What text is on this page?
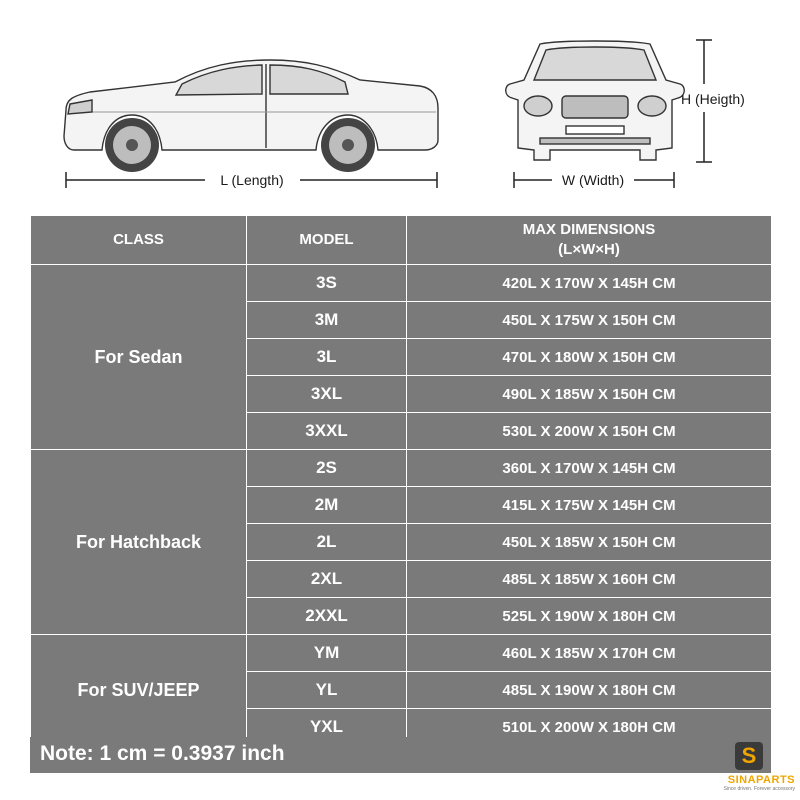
L (Length)	W (Width)
H (Heigth)
CLASS	MODEL	MAX DIMENSIONS
(L×W×H)
For Sedan	3S	420L X 170W X 145H CM
	3M	450L X 175W X 150H CM
	3L	470L X 180W X 150H CM
	3XL	490L X 185W X 150H CM
	3XXL	530L X 200W X 150H CM
For Hatchback	2S	360L X 170W X 145H CM
	2M	415L X 175W X 145H CM
	2L	450L X 185W X 150H CM
	2XL	485L X 185W X 160H CM
	2XXL	525L X 190W X 180H CM
For SUV/JEEP	YM	460L X 185W X 170H CM
	YL	485L X 190W X 180H CM
	YXL	510L X 200W X 180H CM
Note: 1 cm = 0.3937 inch	S
SINAPARTS
Since driven. Forever accessory
